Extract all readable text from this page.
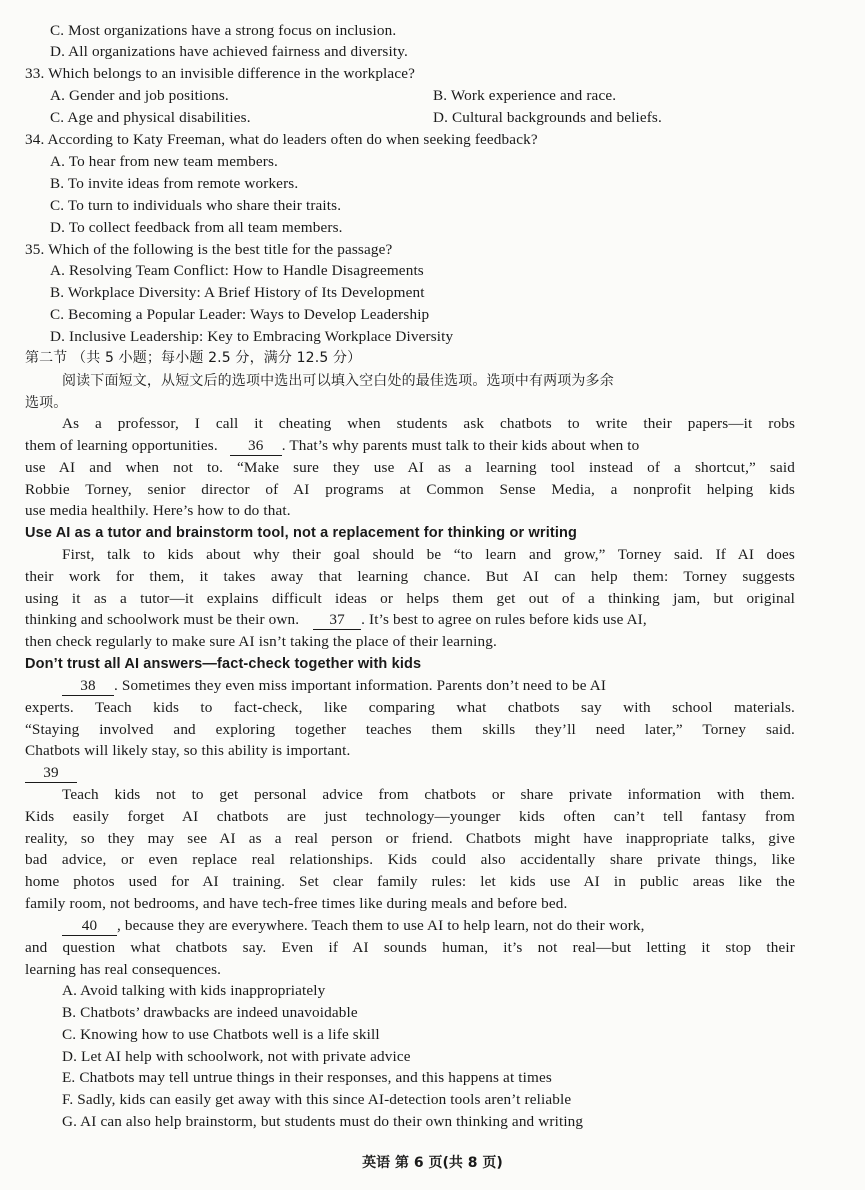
C. Most organizations have a strong focus on inclusion.
D. All organizations have achieved fairness and diversity.
33. Which belongs to an invisible difference in the workplace?
A. Gender and job positions.	B. Work experience and race.
C. Age and physical disabilities.	D. Cultural backgrounds and beliefs.
34. According to Katy Freeman, what do leaders often do when seeking feedback?
A. To hear from new team members.
B. To invite ideas from remote workers.
C. To turn to individuals who share their traits.
D. To collect feedback from all team members.
35. Which of the following is the best title for the passage?
A. Resolving Team Conflict: How to Handle Disagreements
B. Workplace Diversity: A Brief History of Its Development
C. Becoming a Popular Leader: Ways to Develop Leadership
D. Inclusive Leadership: Key to Embracing Workplace Diversity
第二节 （共 5 小题；每小题 2.5 分，满分 12.5 分）
阅读下面短文，从短文后的选项中选出可以填入空白处的最佳选项。选项中有两项为多余
选项。
As a professor, I call it cheating when students ask chatbots to write their papers—it robs
them of learning opportunities. 36 . That’s why parents must talk to their kids about when to
use AI and when not to. “Make sure they use AI as a learning tool instead of a shortcut,” said
Robbie Torney, senior director of AI programs at Common Sense Media, a nonprofit helping kids
use media healthily. Here’s how to do that.
Use AI as a tutor and brainstorm tool, not a replacement for thinking or writing
First, talk to kids about why their goal should be “to learn and grow,” Torney said. If AI does
their work for them, it takes away that learning chance. But AI can help them: Torney suggests
using it as a tutor—it explains difficult ideas or helps them get out of a thinking jam, but original
thinking and schoolwork must be their own. 37 . It’s best to agree on rules before kids use AI,
then check regularly to make sure AI isn’t taking the place of their learning.
Don’t trust all AI answers—fact-check together with kids
38 . Sometimes they even miss important information. Parents don’t need to be AI
experts. Teach kids to fact-check, like comparing what chatbots say with school materials.
“Staying involved and exploring together teaches them skills they’ll need later,” Torney said.
Chatbots will likely stay, so this ability is important.
39
Teach kids not to get personal advice from chatbots or share private information with them.
Kids easily forget AI chatbots are just technology—younger kids often can’t tell fantasy from
reality, so they may see AI as a real person or friend. Chatbots might have inappropriate talks, give
bad advice, or even replace real relationships. Kids could also accidentally share private things, like
home photos used for AI training. Set clear family rules: let kids use AI in public areas like the
family room, not bedrooms, and have tech-free times like during meals and before bed.
40 , because they are everywhere. Teach them to use AI to help learn, not do their work,
and question what chatbots say. Even if AI sounds human, it’s not real—but letting it stop their
learning has real consequences.
A. Avoid talking with kids inappropriately
B. Chatbots’ drawbacks are indeed unavoidable
C. Knowing how to use Chatbots well is a life skill
D. Let AI help with schoolwork, not with private advice
E. Chatbots may tell untrue things in their responses, and this happens at times
F. Sadly, kids can easily get away with this since AI-detection tools aren’t reliable
G. AI can also help brainstorm, but students must do their own thinking and writing
英语 第 6 页(共 8 页)
